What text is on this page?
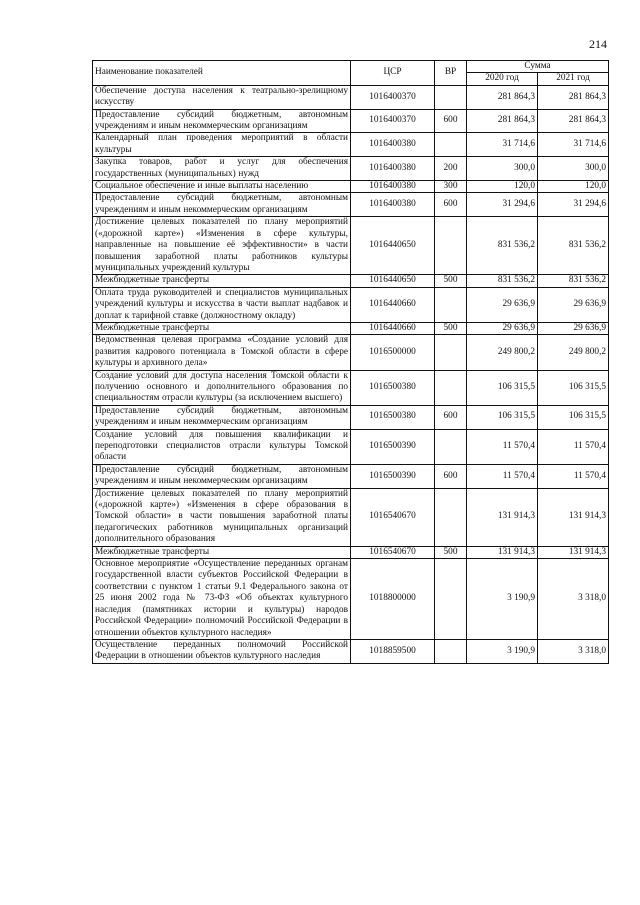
214
Наименование показателей	ЦСР	ВР	Сумма	
			2020 год	2021 год
Обеспечение доступа населения к театрально-зрелищному искусству	1016400370		281 864,3	281 864,3
Предоставление субсидий бюджетным, автономным учреждениям и иным некоммерческим организациям	1016400370	600	281 864,3	281 864,3
Календарный план проведения мероприятий в области культуры	1016400380		31 714,6	31 714,6
Закупка товаров, работ и услуг для обеспечения государственных (муниципальных) нужд	1016400380	200	300,0	300,0
Социальное обеспечение и иные выплаты населению	1016400380	300	120,0	120,0
Предоставление субсидий бюджетным, автономным учреждениям и иным некоммерческим организациям	1016400380	600	31 294,6	31 294,6
Достижение целевых показателей по плану мероприятий («дорожной карте») «Изменения в сфере культуры, направленные на повышение её эффективности» в части повышения заработной платы работников культуры муниципальных учреждений культуры	1016440650		831 536,2	831 536,2
Межбюджетные трансферты	1016440650	500	831 536,2	831 536,2
Оплата труда руководителей и специалистов муниципальных учреждений культуры и искусства в части выплат надбавок и доплат к тарифной ставке (должностному окладу)	1016440660		29 636,9	29 636,9
Межбюджетные трансферты	1016440660	500	29 636,9	29 636,9
Ведомственная целевая программа «Создание условий для развития кадрового потенциала в Томской области в сфере культуры и архивного дела»	1016500000		249 800,2	249 800,2
Создание условий для доступа населения Томской области к получению основного и дополнительного образования по специальностям отрасли культуры (за исключением высшего)	1016500380		106 315,5	106 315,5
Предоставление субсидий бюджетным, автономным учреждениям и иным некоммерческим организациям	1016500380	600	106 315,5	106 315,5
Создание условий для повышения квалификации и переподготовки специалистов отрасли культуры Томской области	1016500390		11 570,4	11 570,4
Предоставление субсидий бюджетным, автономным учреждениям и иным некоммерческим организациям	1016500390	600	11 570,4	11 570,4
Достижение целевых показателей по плану мероприятий («дорожной карте») «Изменения в сфере образования в Томской области» в части повышения заработной платы педагогических работников муниципальных организаций дополнительного образования	1016540670		131 914,3	131 914,3
Межбюджетные трансферты	1016540670	500	131 914,3	131 914,3
Основное мероприятие «Осуществление переданных органам государственной власти субъектов Российской Федерации в соответствии с пунктом 1 статьи 9.1 Федерального закона от 25 июня 2002 года № 73-ФЗ «Об объектах культурного наследия (памятниках истории и культуры) народов Российской Федерации» полномочий Российской Федерации в отношении объектов культурного наследия»	1018800000		3 190,9	3 318,0
Осуществление переданных полномочий Российской Федерации в отношении объектов культурного наследия	1018859500		3 190,9	3 318,0
